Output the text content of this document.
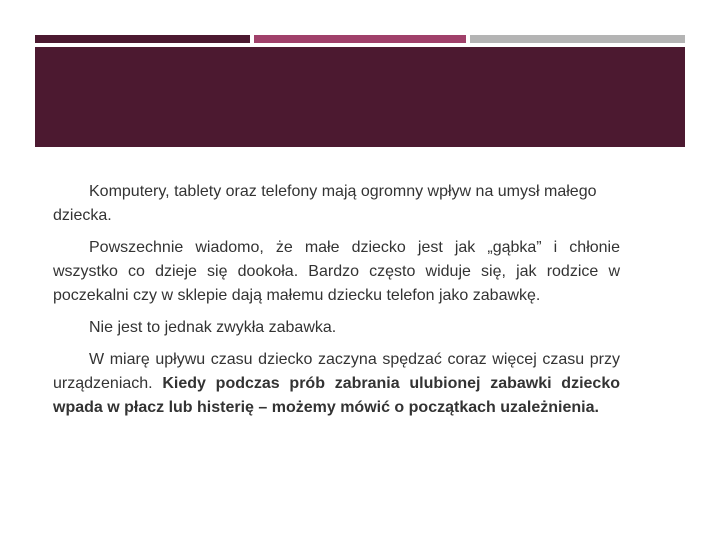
Komputery, tablety oraz telefony mają ogromny wpływ na umysł małego dziecka.

Powszechnie wiadomo, że małe dziecko jest jak „gąbka” i chłonie wszystko co dzieje się dookoła. Bardzo często widuje się, jak rodzice w poczekalni czy w sklepie dają małemu dziecku telefon jako zabawkę.

Nie jest to jednak zwykła zabawka.

W miarę upływu czasu dziecko zaczyna spędzać coraz więcej czasu przy urządzeniach. Kiedy podczas prób zabrania ulubionej zabawki dziecko wpada w płacz lub histerię – możemy mówić o początkach uzależnienia.
